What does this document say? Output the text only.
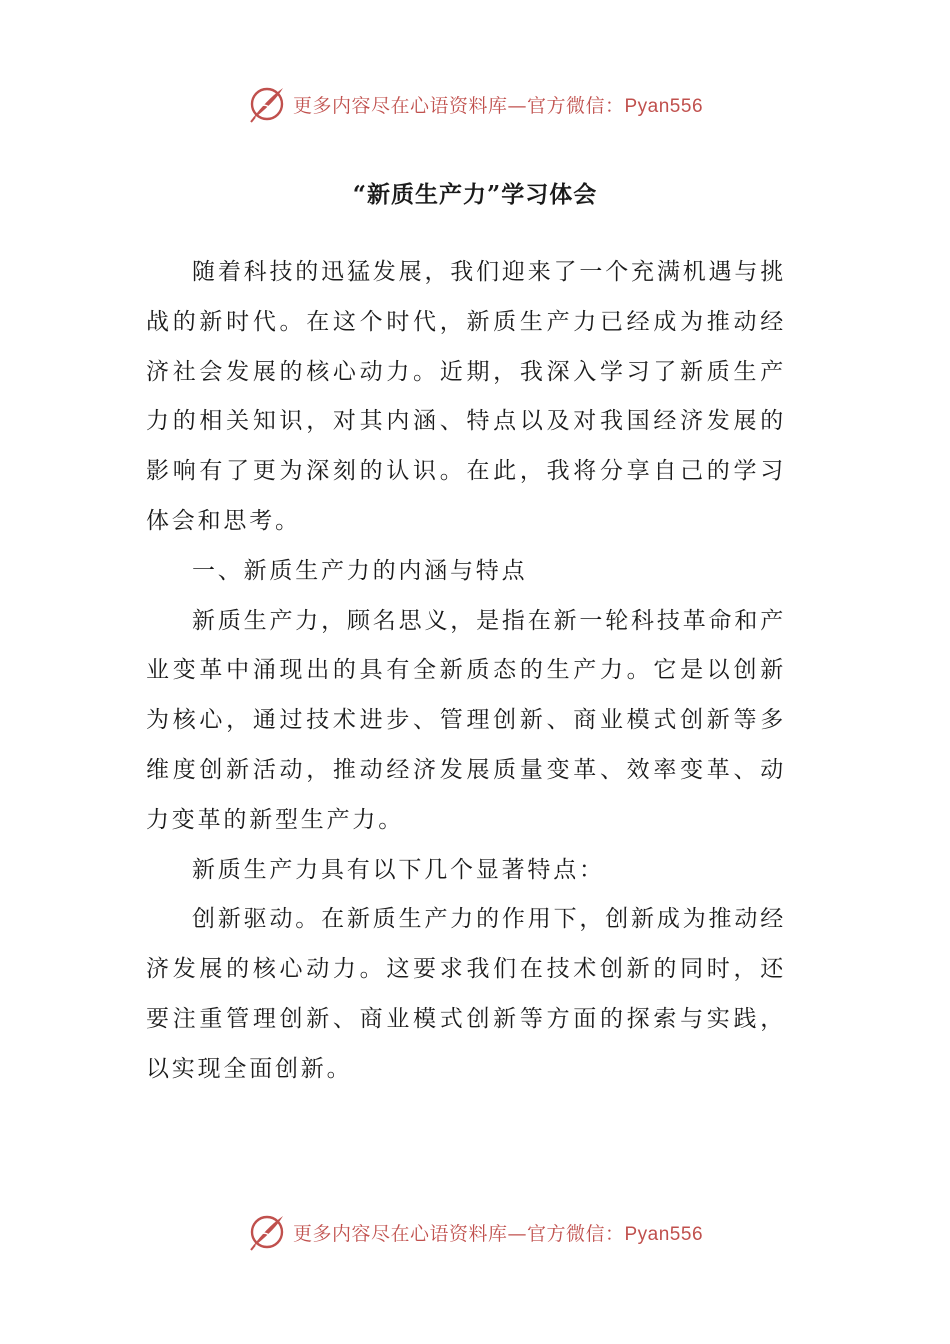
更多内容尽在心语资料库—官方微信：Pyan556
“新质生产力”学习体会

随着科技的迅猛发展，我们迎来了一个充满机遇与挑战的新时代。在这个时代，新质生产力已经成为推动经济社会发展的核心动力。近期，我深入学习了新质生产力的相关知识，对其内涵、特点以及对我国经济发展的影响有了更为深刻的认识。在此，我将分享自己的学习体会和思考。

一、新质生产力的内涵与特点

新质生产力，顾名思义，是指在新一轮科技革命和产业变革中涌现出的具有全新质态的生产力。它是以创新为核心，通过技术进步、管理创新、商业模式创新等多维度创新活动，推动经济发展质量变革、效率变革、动力变革的新型生产力。

新质生产力具有以下几个显著特点：

创新驱动。在新质生产力的作用下，创新成为推动经济发展的核心动力。这要求我们在技术创新的同时，还要注重管理创新、商业模式创新等方面的探索与实践，以实现全面创新。

更多内容尽在心语资料库—官方微信：Pyan556
